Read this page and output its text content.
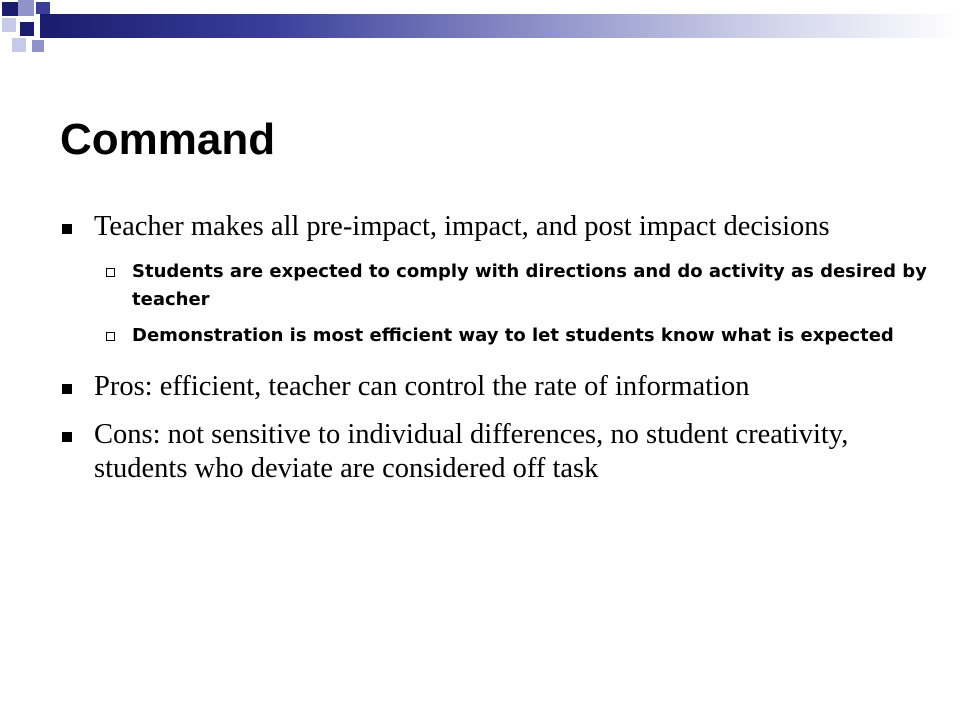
Command
Teacher makes all pre-impact, impact, and post impact decisions
Students are expected to comply with directions and do activity as desired by teacher
Demonstration is most efficient way to let students know what is expected
Pros: efficient, teacher can control the rate of information
Cons: not sensitive to individual differences, no student creativity, students who deviate are considered off task
